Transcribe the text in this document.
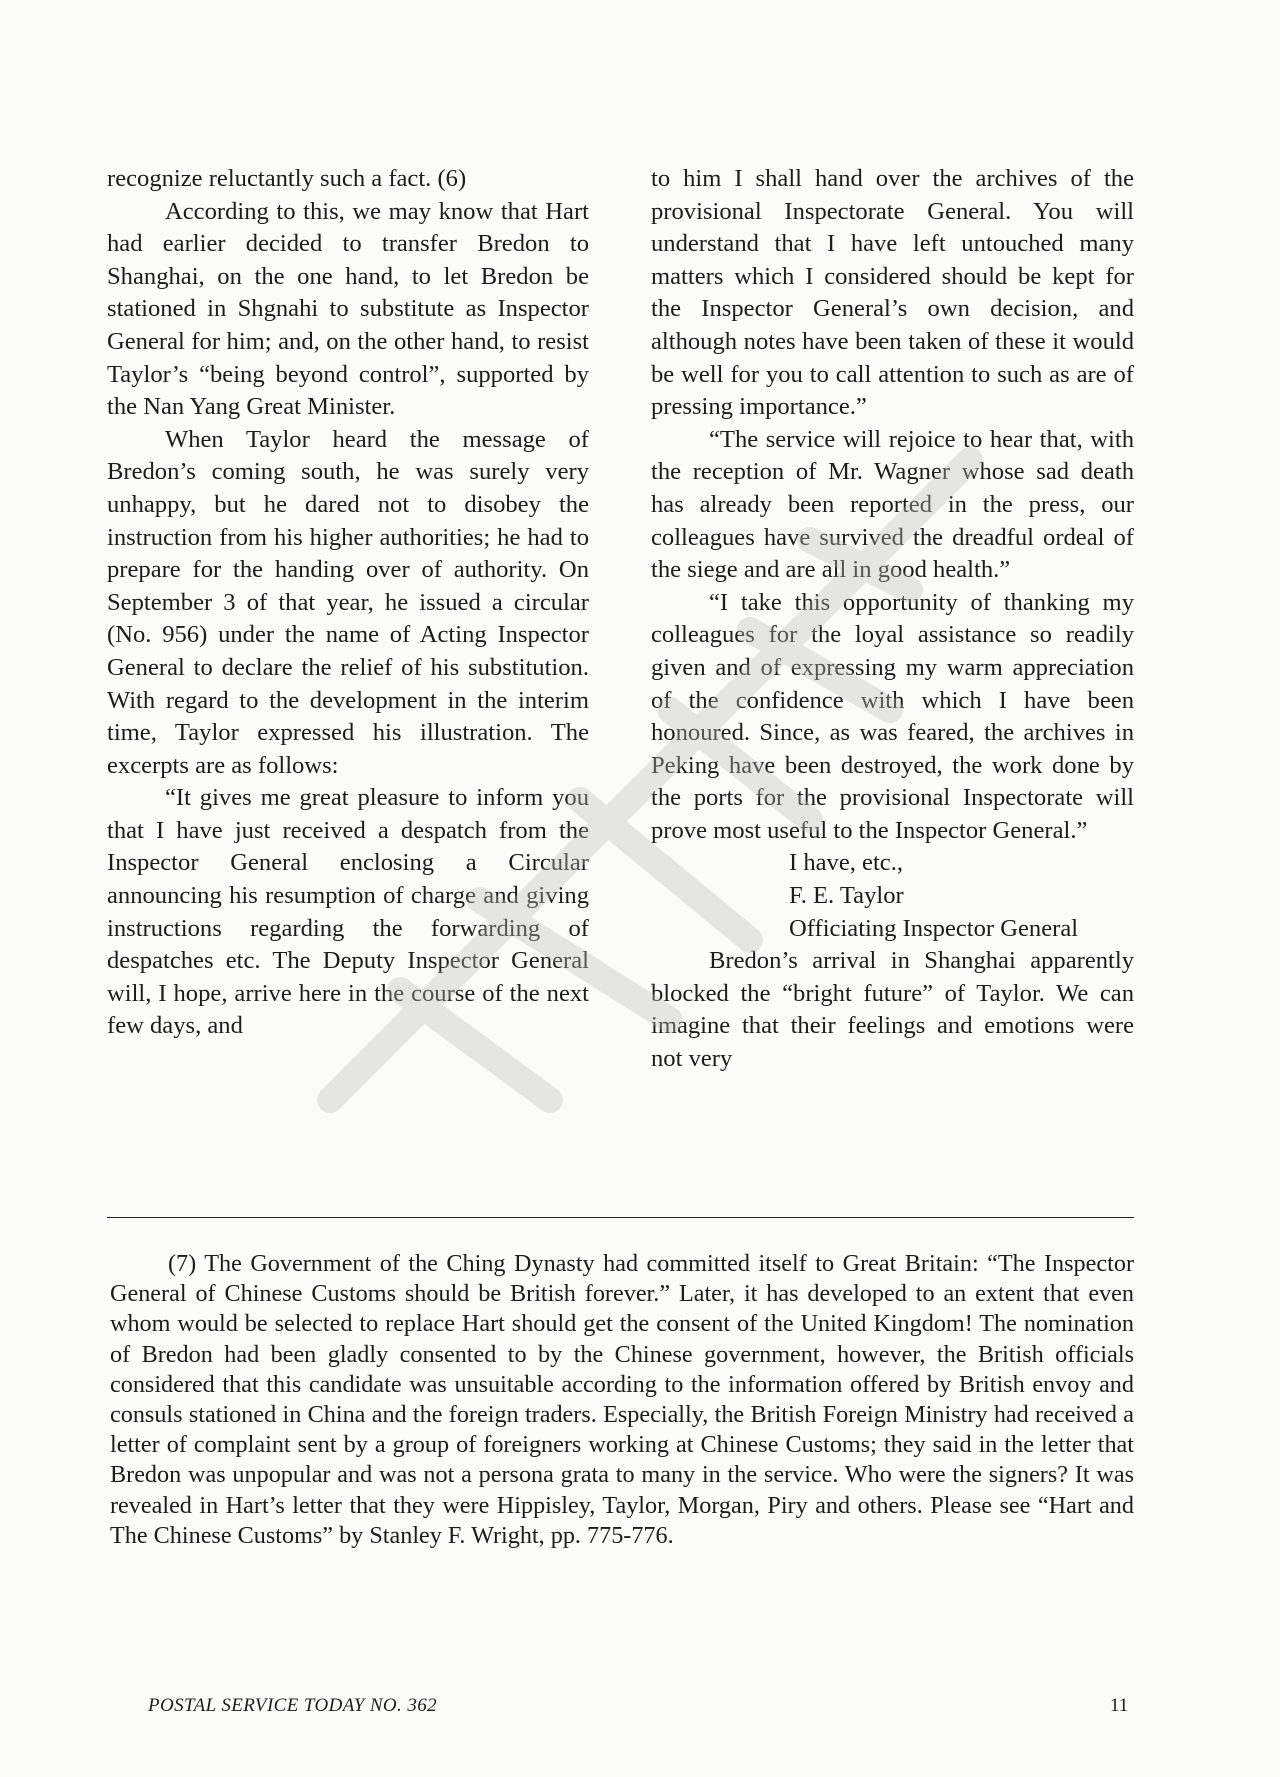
recognize reluctantly such a fact. (6)

According to this, we may know that Hart had earlier decided to transfer Bredon to Shanghai, on the one hand, to let Bredon be stationed in Shgnahi to substitute as Inspector General for him; and, on the other hand, to resist Taylor’s “being beyond control”, supported by the Nan Yang Great Minister.

When Taylor heard the message of Bredon’s coming south, he was surely very unhappy, but he dared not to disobey the instruction from his higher authorities; he had to prepare for the handing over of authority. On September 3 of that year, he issued a circular (No. 956) under the name of Acting Inspector General to declare the relief of his substitution. With regard to the development in the interim time, Taylor expressed his illustration. The excerpts are as follows:

“It gives me great pleasure to inform you that I have just received a despatch from the Inspector General enclosing a Circular announcing his resumption of charge and giving instructions regarding the forwarding of despatches etc. The Deputy Inspector General will, I hope, arrive here in the course of the next few days, and

to him I shall hand over the archives of the provisional Inspectorate General. You will understand that I have left untouched many matters which I considered should be kept for the Inspector General’s own decision, and although notes have been taken of these it would be well for you to call attention to such as are of pressing importance.”

“The service will rejoice to hear that, with the reception of Mr. Wagner whose sad death has already been reported in the press, our colleagues have survived the dreadful ordeal of the siege and are all in good health.”

“I take this opportunity of thanking my colleagues for the loyal assistance so readily given and of expressing my warm appreciation of the confidence with which I have been honoured. Since, as was feared, the archives in Peking have been destroyed, the work done by the ports for the provisional Inspectorate will prove most useful to the Inspector General.”

I have, etc.,

F. E. Taylor

Officiating Inspector General

Bredon’s arrival in Shanghai apparently blocked the “bright future” of Taylor. We can imagine that their feelings and emotions were not very

(7) The Government of the Ching Dynasty had committed itself to Great Britain: “The Inspector General of Chinese Customs should be British forever.” Later, it has developed to an extent that even whom would be selected to replace Hart should get the consent of the United Kingdom! The nomination of Bredon had been gladly consented to by the Chinese government, however, the British officials considered that this candidate was unsuitable according to the information offered by British envoy and consuls stationed in China and the foreign traders. Especially, the British Foreign Ministry had received a letter of complaint sent by a group of foreigners working at Chinese Customs; they said in the letter that Bredon was unpopular and was not a persona grata to many in the service. Who were the signers? It was revealed in Hart’s letter that they were Hippisley, Taylor, Morgan, Piry and others. Please see “Hart and The Chinese Customs” by Stanley F. Wright, pp. 775-776.

POSTAL SERVICE TODAY NO. 362	11
